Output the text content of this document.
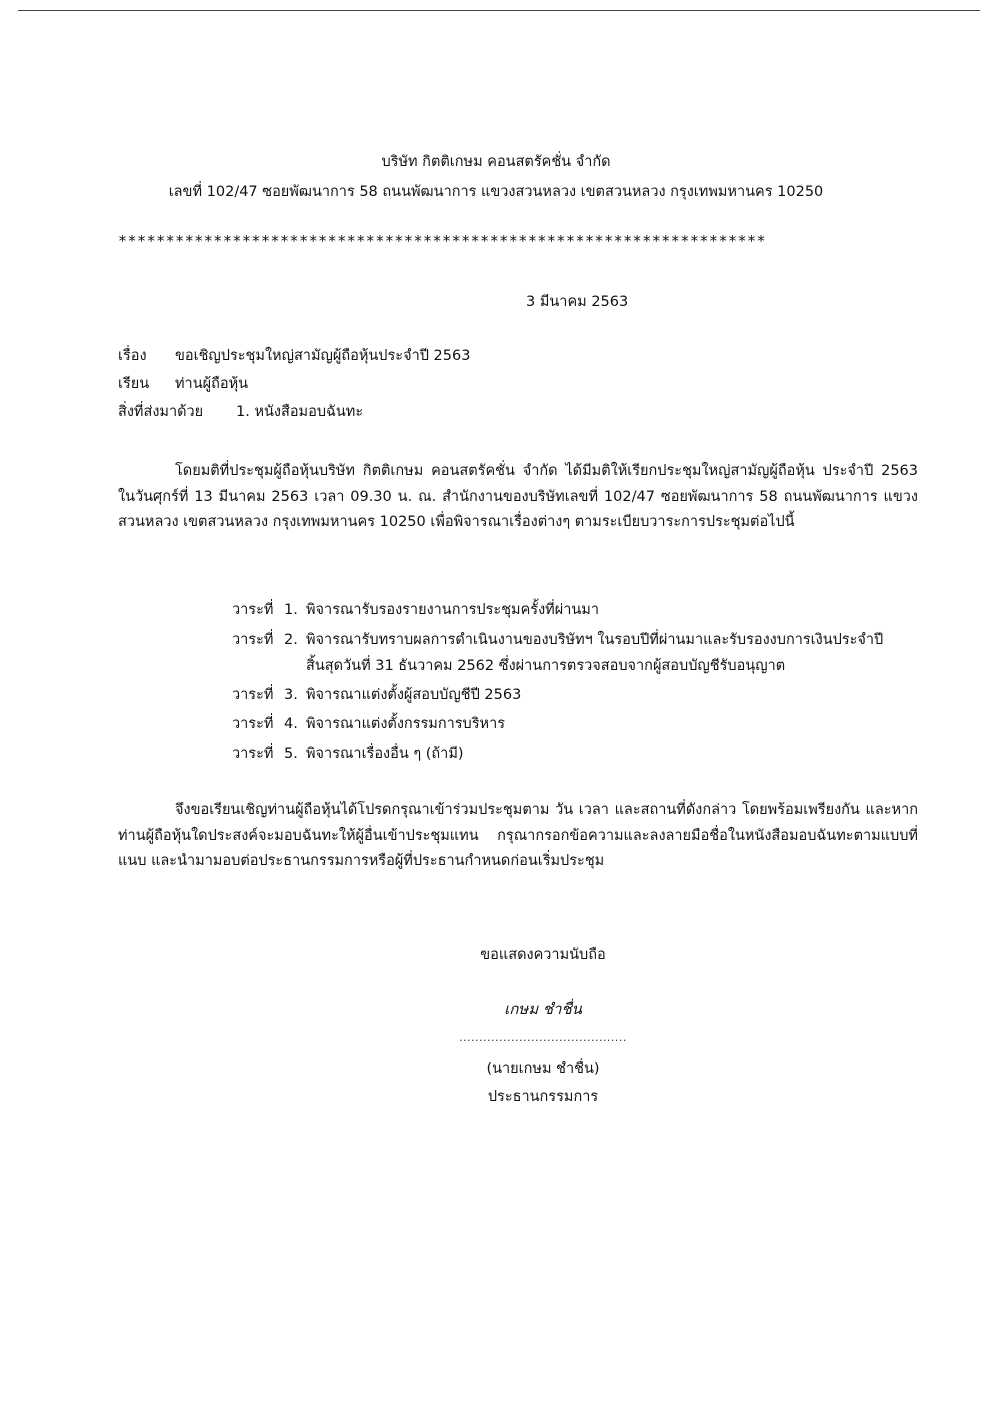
บริษัท กิตติเกษม คอนสตรัคชั่น จำกัด
เลขที่ 102/47 ซอยพัฒนาการ 58 ถนนพัฒนาการ แขวงสวนหลวง เขตสวนหลวง กรุงเทพมหานคร 10250
********************************************************************
3 มีนาคม 2563
เรื่อง ขอเชิญประชุมใหญ่สามัญผู้ถือหุ้นประจำปี 2563
เรียน ท่านผู้ถือหุ้น
สิ่งที่ส่งมาด้วย 1. หนังสือมอบฉันทะ
โดยมติที่ประชุมผู้ถือหุ้นบริษัท กิตติเกษม คอนสตรัคชั่น จำกัด ได้มีมติให้เรียกประชุมใหญ่สามัญผู้ถือหุ้น ประจำปี 2563 ในวันศุกร์ที่ 13 มีนาคม 2563 เวลา 09.30 น. ณ. สำนักงานของบริษัทเลขที่ 102/47 ซอยพัฒนาการ 58 ถนนพัฒนาการ แขวงสวนหลวง เขตสวนหลวง กรุงเทพมหานคร 10250 เพื่อพิจารณาเรื่องต่างๆ ตามระเบียบวาระการประชุมต่อไปนี้
วาระที่ 1. พิจารณารับรองรายงานการประชุมครั้งที่ผ่านมา
วาระที่ 2. พิจารณารับทราบผลการดำเนินงานของบริษัทฯ ในรอบปีที่ผ่านมาและรับรองงบการเงินประจำปีสิ้นสุดวันที่ 31 ธันวาคม 2562 ซึ่งผ่านการตรวจสอบจากผู้สอบบัญชีรับอนุญาต
วาระที่ 3. พิจารณาแต่งตั้งผู้สอบบัญชีปี 2563
วาระที่ 4. พิจารณาแต่งตั้งกรรมการบริหาร
วาระที่ 5. พิจารณาเรื่องอื่น ๆ (ถ้ามี)
จึงขอเรียนเชิญท่านผู้ถือหุ้นได้โปรดกรุณาเข้าร่วมประชุมตาม วัน เวลา และสถานที่ดังกล่าว โดยพร้อมเพรียงกัน และหากท่านผู้ถือหุ้นใดประสงค์จะมอบฉันทะให้ผู้อื่นเข้าประชุมแทน กรุณากรอกข้อความและลงลายมือชื่อในหนังสือมอบฉันทะตามแบบที่แนบ และนำมามอบต่อประธานกรรมการหรือผู้ที่ประธานกำหนดก่อนเริ่มประชุม
ขอแสดงความนับถือ
เกษม ชำชื่น
..........................................
(นายเกษม ชำชื่น)
ประธานกรรมการ
